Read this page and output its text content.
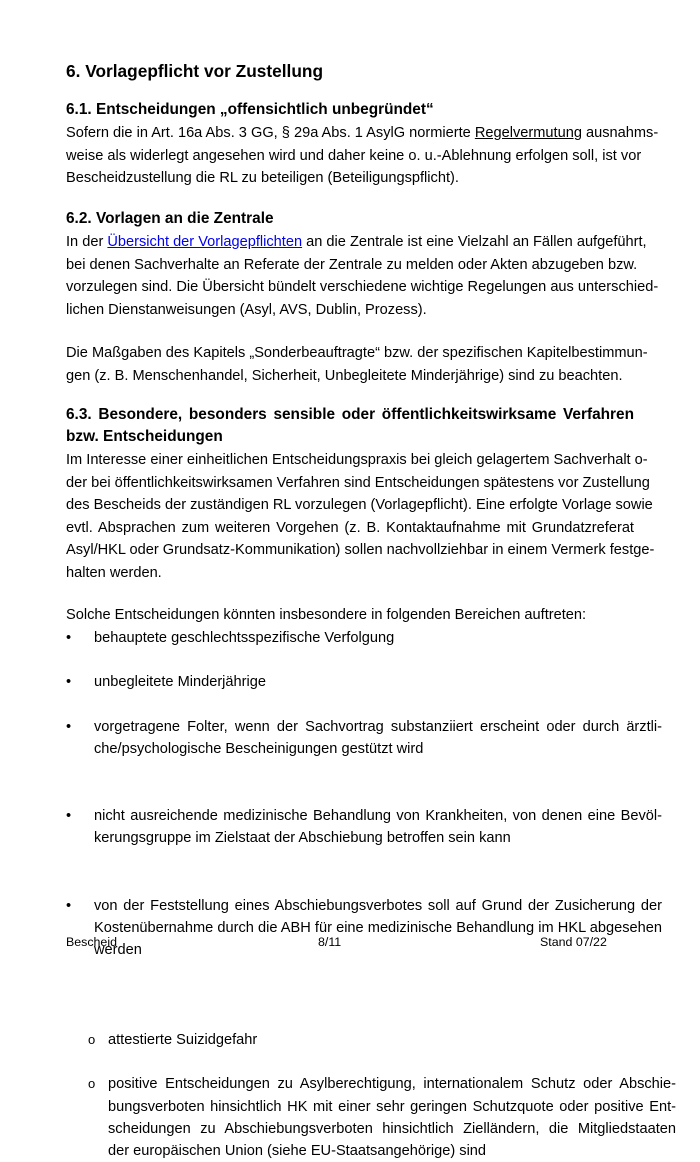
6. Vorlagepflicht vor Zustellung
6.1. Entscheidungen „offensichtlich unbegründet“
Sofern die in Art. 16a Abs. 3 GG, § 29a Abs. 1 AsylG normierte Regelvermutung ausnahms-
weise als widerlegt angesehen wird und daher keine o. u.-Ablehnung erfolgen soll, ist vor
Bescheidzustellung die RL zu beteiligen (Beteiligungspflicht).
6.2. Vorlagen an die Zentrale
In der Übersicht der Vorlagepflichten an die Zentrale ist eine Vielzahl an Fällen aufgeführt,
bei denen Sachverhalte an Referate der Zentrale zu melden oder Akten abzugeben bzw.
vorzulegen sind. Die Übersicht bündelt verschiedene wichtige Regelungen aus unterschied-
lichen Dienstanweisungen (Asyl, AVS, Dublin, Prozess).
Die Maßgaben des Kapitels „Sonderbeauftragte“ bzw. der spezifischen Kapitelbestimmun-
gen (z. B. Menschenhandel, Sicherheit, Unbegleitete Minderjährige) sind zu beachten.
6.3. Besondere, besonders sensible oder öffentlichkeitswirksame Verfahren
bzw. Entscheidungen
Im Interesse einer einheitlichen Entscheidungspraxis bei gleich gelagertem Sachverhalt o-
der bei öffentlichkeitswirksamen Verfahren sind Entscheidungen spätestens vor Zustellung
des Bescheids der zuständigen RL vorzulegen (Vorlagepflicht). Eine erfolgte Vorlage sowie
evtl. Absprachen zum weiteren Vorgehen (z. B. Kontaktaufnahme mit Grundatzreferat
Asyl/HKL oder Grundsatz-Kommunikation) sollen nachvollziehbar in einem Vermerk festge-
halten werden.
Solche Entscheidungen könnten insbesondere in folgenden Bereichen auftreten:
• behauptete geschlechtsspezifische Verfolgung
• unbegleitete Minderjährige
• vorgetragene Folter, wenn der Sachvortrag substanziiert erscheint oder durch ärztli-
che/psychologische Bescheinigungen gestützt wird
• nicht ausreichende medizinische Behandlung von Krankheiten, von denen eine Bevöl-
kerungsgruppe im Zielstaat der Abschiebung betroffen sein kann
• von der Feststellung eines Abschiebungsverbotes soll auf Grund der Zusicherung der
Kostenübernahme durch die ABH für eine medizinische Behandlung im HKL abgesehen
werden
o attestierte Suizidgefahr
o positive Entscheidungen zu Asylberechtigung, internationalem Schutz oder Abschie-
bungsverboten hinsichtlich HK mit einer sehr geringen Schutzquote oder positive Ent-
scheidungen zu Abschiebungsverboten hinsichtlich Zielländern, die Mitgliedstaaten
der europäischen Union (siehe EU-Staatsangehörige) sind
Bescheid	8/11	Stand 07/22
